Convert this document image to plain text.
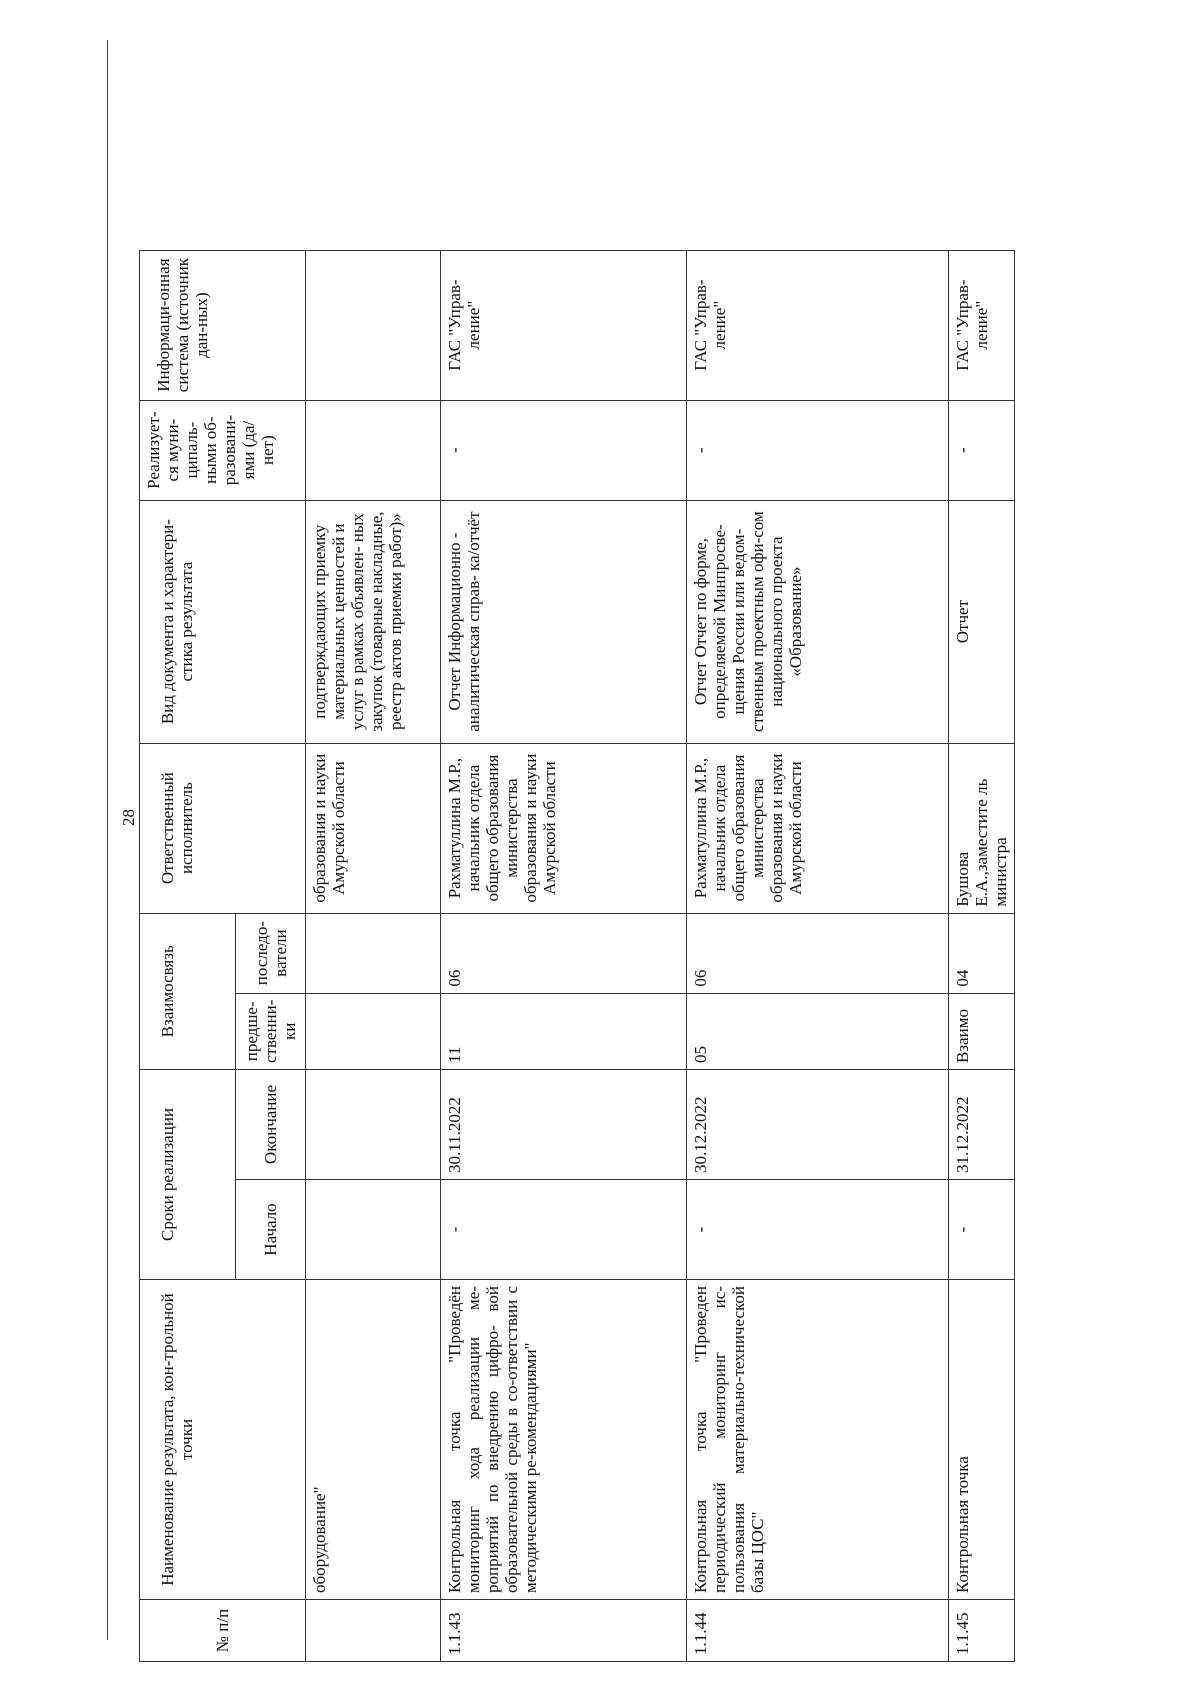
28
№ п/п	Наименование результата, кон-трольной точки	Сроки реализации		Взаимосвязь		Ответственный исполнитель	Вид документа и характери-стика результата	Реализует-ся муни-ципаль-ными об-разовани-ями (да/нет)	Информаци-онная система (источник дан-ных)
		Начало	Окончание	предше-ственни-ки	последо-ватели				
	оборудование"					образования и науки Амурской области	подтверждающих приемку материальных ценностей и услуг в рамках объявлен- ных закупок (товарные накладные, реестр актов приемки работ)»		
1.1.43	Контрольная точка "Проведён мониторинг хода реализации ме-роприятий по внедрению цифро- вой образовательной среды в со-ответствии с методическими ре-комендациями"	-	30.11.2022	11	06	Рахматуллина М.Р., начальник отдела общего образования министерства образования и науки Амурской области	Отчет Информационно - аналитическая справ- ка/отчёт	-	ГАС "Управ-ление"
1.1.44	Контрольная точка "Проведен периодический мониторинг ис-пользования материально-технической базы ЦОС"	-	30.12.2022	05	06	Рахматуллина М.Р., начальник отдела общего образования министерства образования и науки Амурской области	Отчет Отчет по форме, определяемой Минпросве-щения России или ведом-ственным проектным офи-сом национального проекта «Образование»	-	ГАС "Управ-ление"
1.1.45	Контрольная точка	-	31.12.2022	Взаимо	04	Бушова Е.А.,заместите ль министра	Отчет	-	ГАС "Управ-ление"
